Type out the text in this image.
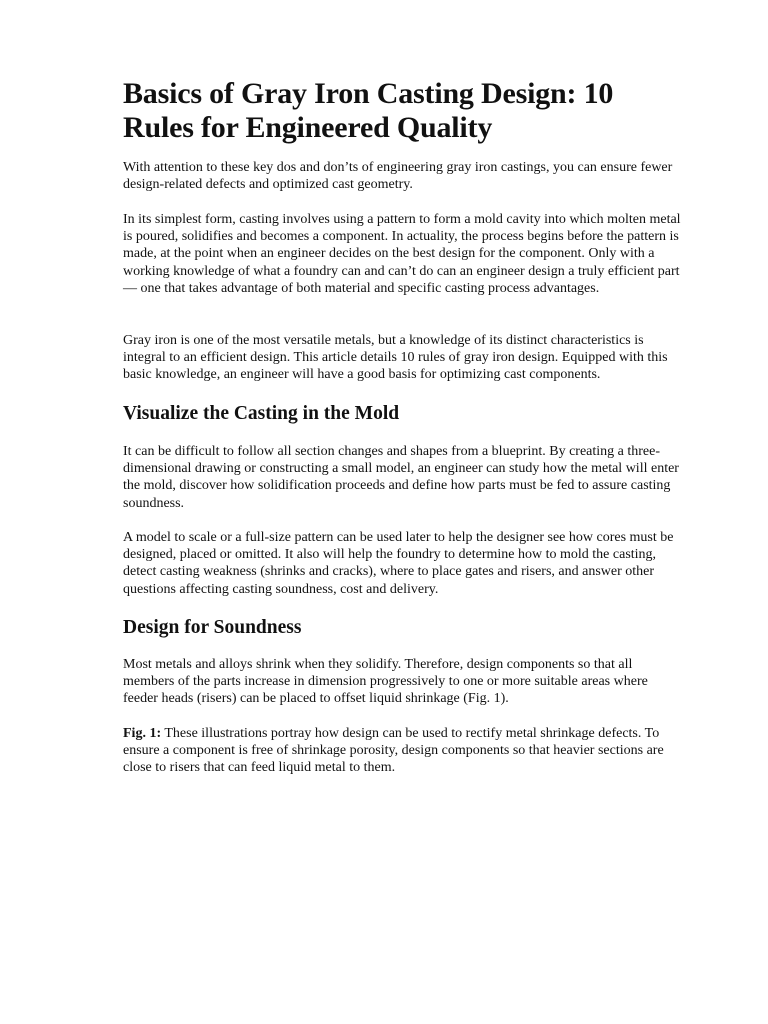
Basics of Gray Iron Casting Design: 10 Rules for Engineered Quality

With attention to these key dos and don’ts of engineering gray iron castings, you can ensure fewer design-related defects and optimized cast geometry.

In its simplest form, casting involves using a pattern to form a mold cavity into which molten metal is poured, solidifies and becomes a component. In actuality, the process begins before the pattern is made, at the point when an engineer decides on the best design for the component. Only with a working knowledge of what a foundry can and can’t do can an engineer design a truly efficient part— one that takes advantage of both material and specific casting process advantages.

Gray iron is one of the most versatile metals, but a knowledge of its distinct characteristics is integral to an efficient design. This article details 10 rules of gray iron design. Equipped with this basic knowledge, an engineer will have a good basis for optimizing cast components.

Visualize the Casting in the Mold

It can be difficult to follow all section changes and shapes from a blueprint. By creating a three-dimensional drawing or constructing a small model, an engineer can study how the metal will enter the mold, discover how solidification proceeds and define how parts must be fed to assure casting soundness.

A model to scale or a full-size pattern can be used later to help the designer see how cores must be designed, placed or omitted. It also will help the foundry to determine how to mold the casting, detect casting weakness (shrinks and cracks), where to place gates and risers, and answer other questions affecting casting soundness, cost and delivery.

Design for Soundness

Most metals and alloys shrink when they solidify. Therefore, design components so that all members of the parts increase in dimension progressively to one or more suitable areas where feeder heads (risers) can be placed to offset liquid shrinkage (Fig. 1).

Fig. 1: These illustrations portray how design can be used to rectify metal shrinkage defects. To ensure a component is free of shrinkage porosity, design components so that heavier sections are close to risers that can feed liquid metal to them.
